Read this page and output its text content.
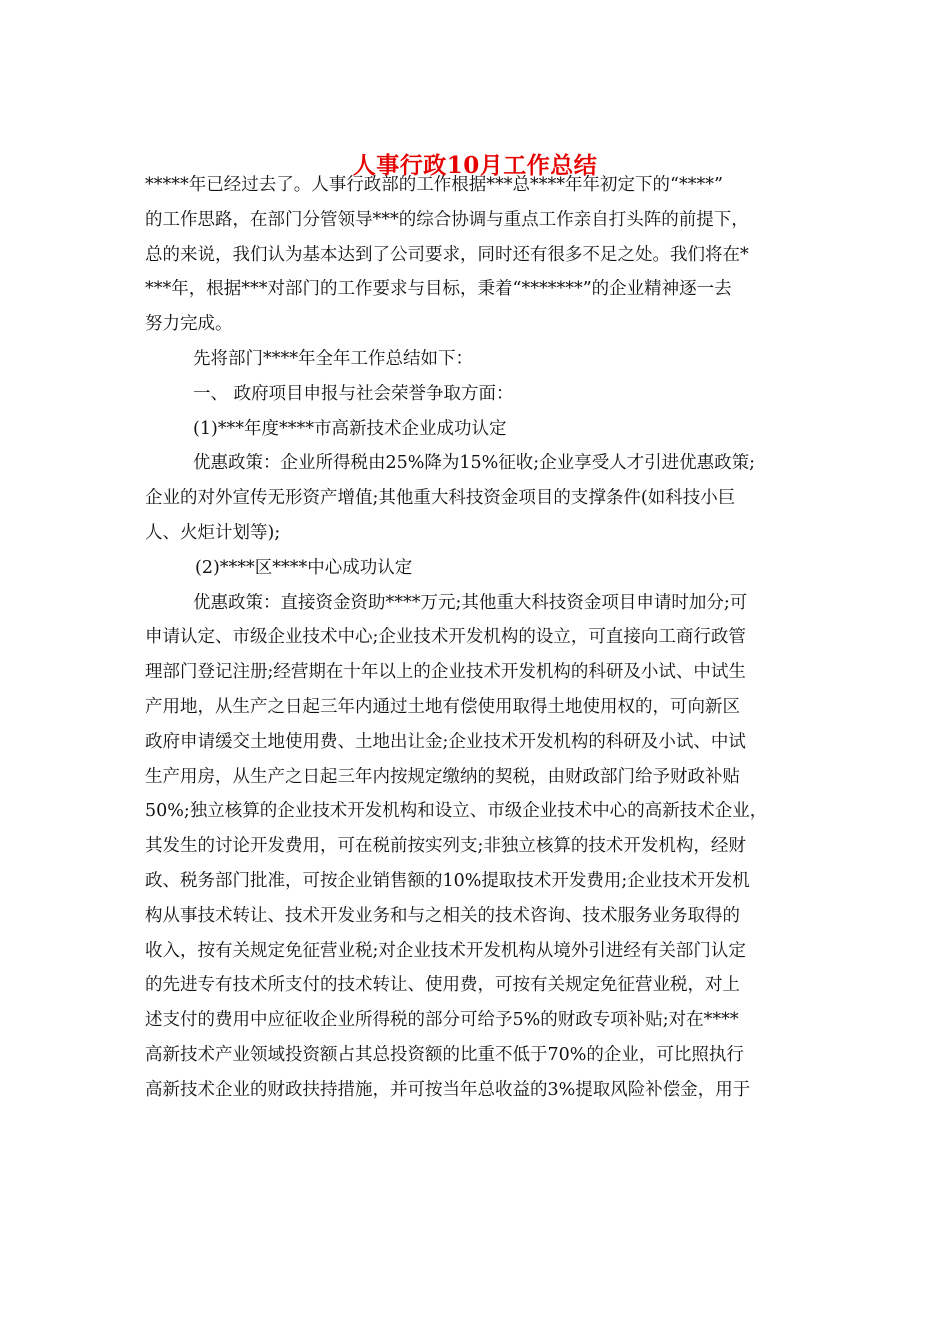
人事行政10月工作总结
*****年已经过去了。人事行政部的工作根据***总****年年初定下的“****”
的工作思路，在部门分管领导***的综合协调与重点工作亲自打头阵的前提下，
总的来说，我们认为基本达到了公司要求，同时还有很多不足之处。我们将在*
***年，根据***对部门的工作要求与目标，秉着“*******”的企业精神逐一去
努力完成。
先将部门****年全年工作总结如下：
一、 政府项目申报与社会荣誉争取方面：
(1)***年度****市高新技术企业成功认定
优惠政策：企业所得税由25%降为15%征收;企业享受人才引进优惠政策;
企业的对外宣传无形资产增值;其他重大科技资金项目的支撑条件(如科技小巨
人、火炬计划等);
(2)****区****中心成功认定
优惠政策：直接资金资助****万元;其他重大科技资金项目申请时加分;可
申请认定、市级企业技术中心;企业技术开发机构的设立，可直接向工商行政管
理部门登记注册;经营期在十年以上的企业技术开发机构的科研及小试、中试生
产用地，从生产之日起三年内通过土地有偿使用取得土地使用权的，可向新区
政府申请缓交土地使用费、土地出让金;企业技术开发机构的科研及小试、中试
生产用房，从生产之日起三年内按规定缴纳的契税，由财政部门给予财政补贴
50%;独立核算的企业技术开发机构和设立、市级企业技术中心的高新技术企业，
其发生的讨论开发费用，可在税前按实列支;非独立核算的技术开发机构，经财
政、税务部门批准，可按企业销售额的10%提取技术开发费用;企业技术开发机
构从事技术转让、技术开发业务和与之相关的技术咨询、技术服务业务取得的
收入，按有关规定免征营业税;对企业技术开发机构从境外引进经有关部门认定
的先进专有技术所支付的技术转让、使用费，可按有关规定免征营业税，对上
述支付的费用中应征收企业所得税的部分可给予5%的财政专项补贴;对在****
高新技术产业领域投资额占其总投资额的比重不低于70%的企业，可比照执行
高新技术企业的财政扶持措施，并可按当年总收益的3%提取风险补偿金，用于
